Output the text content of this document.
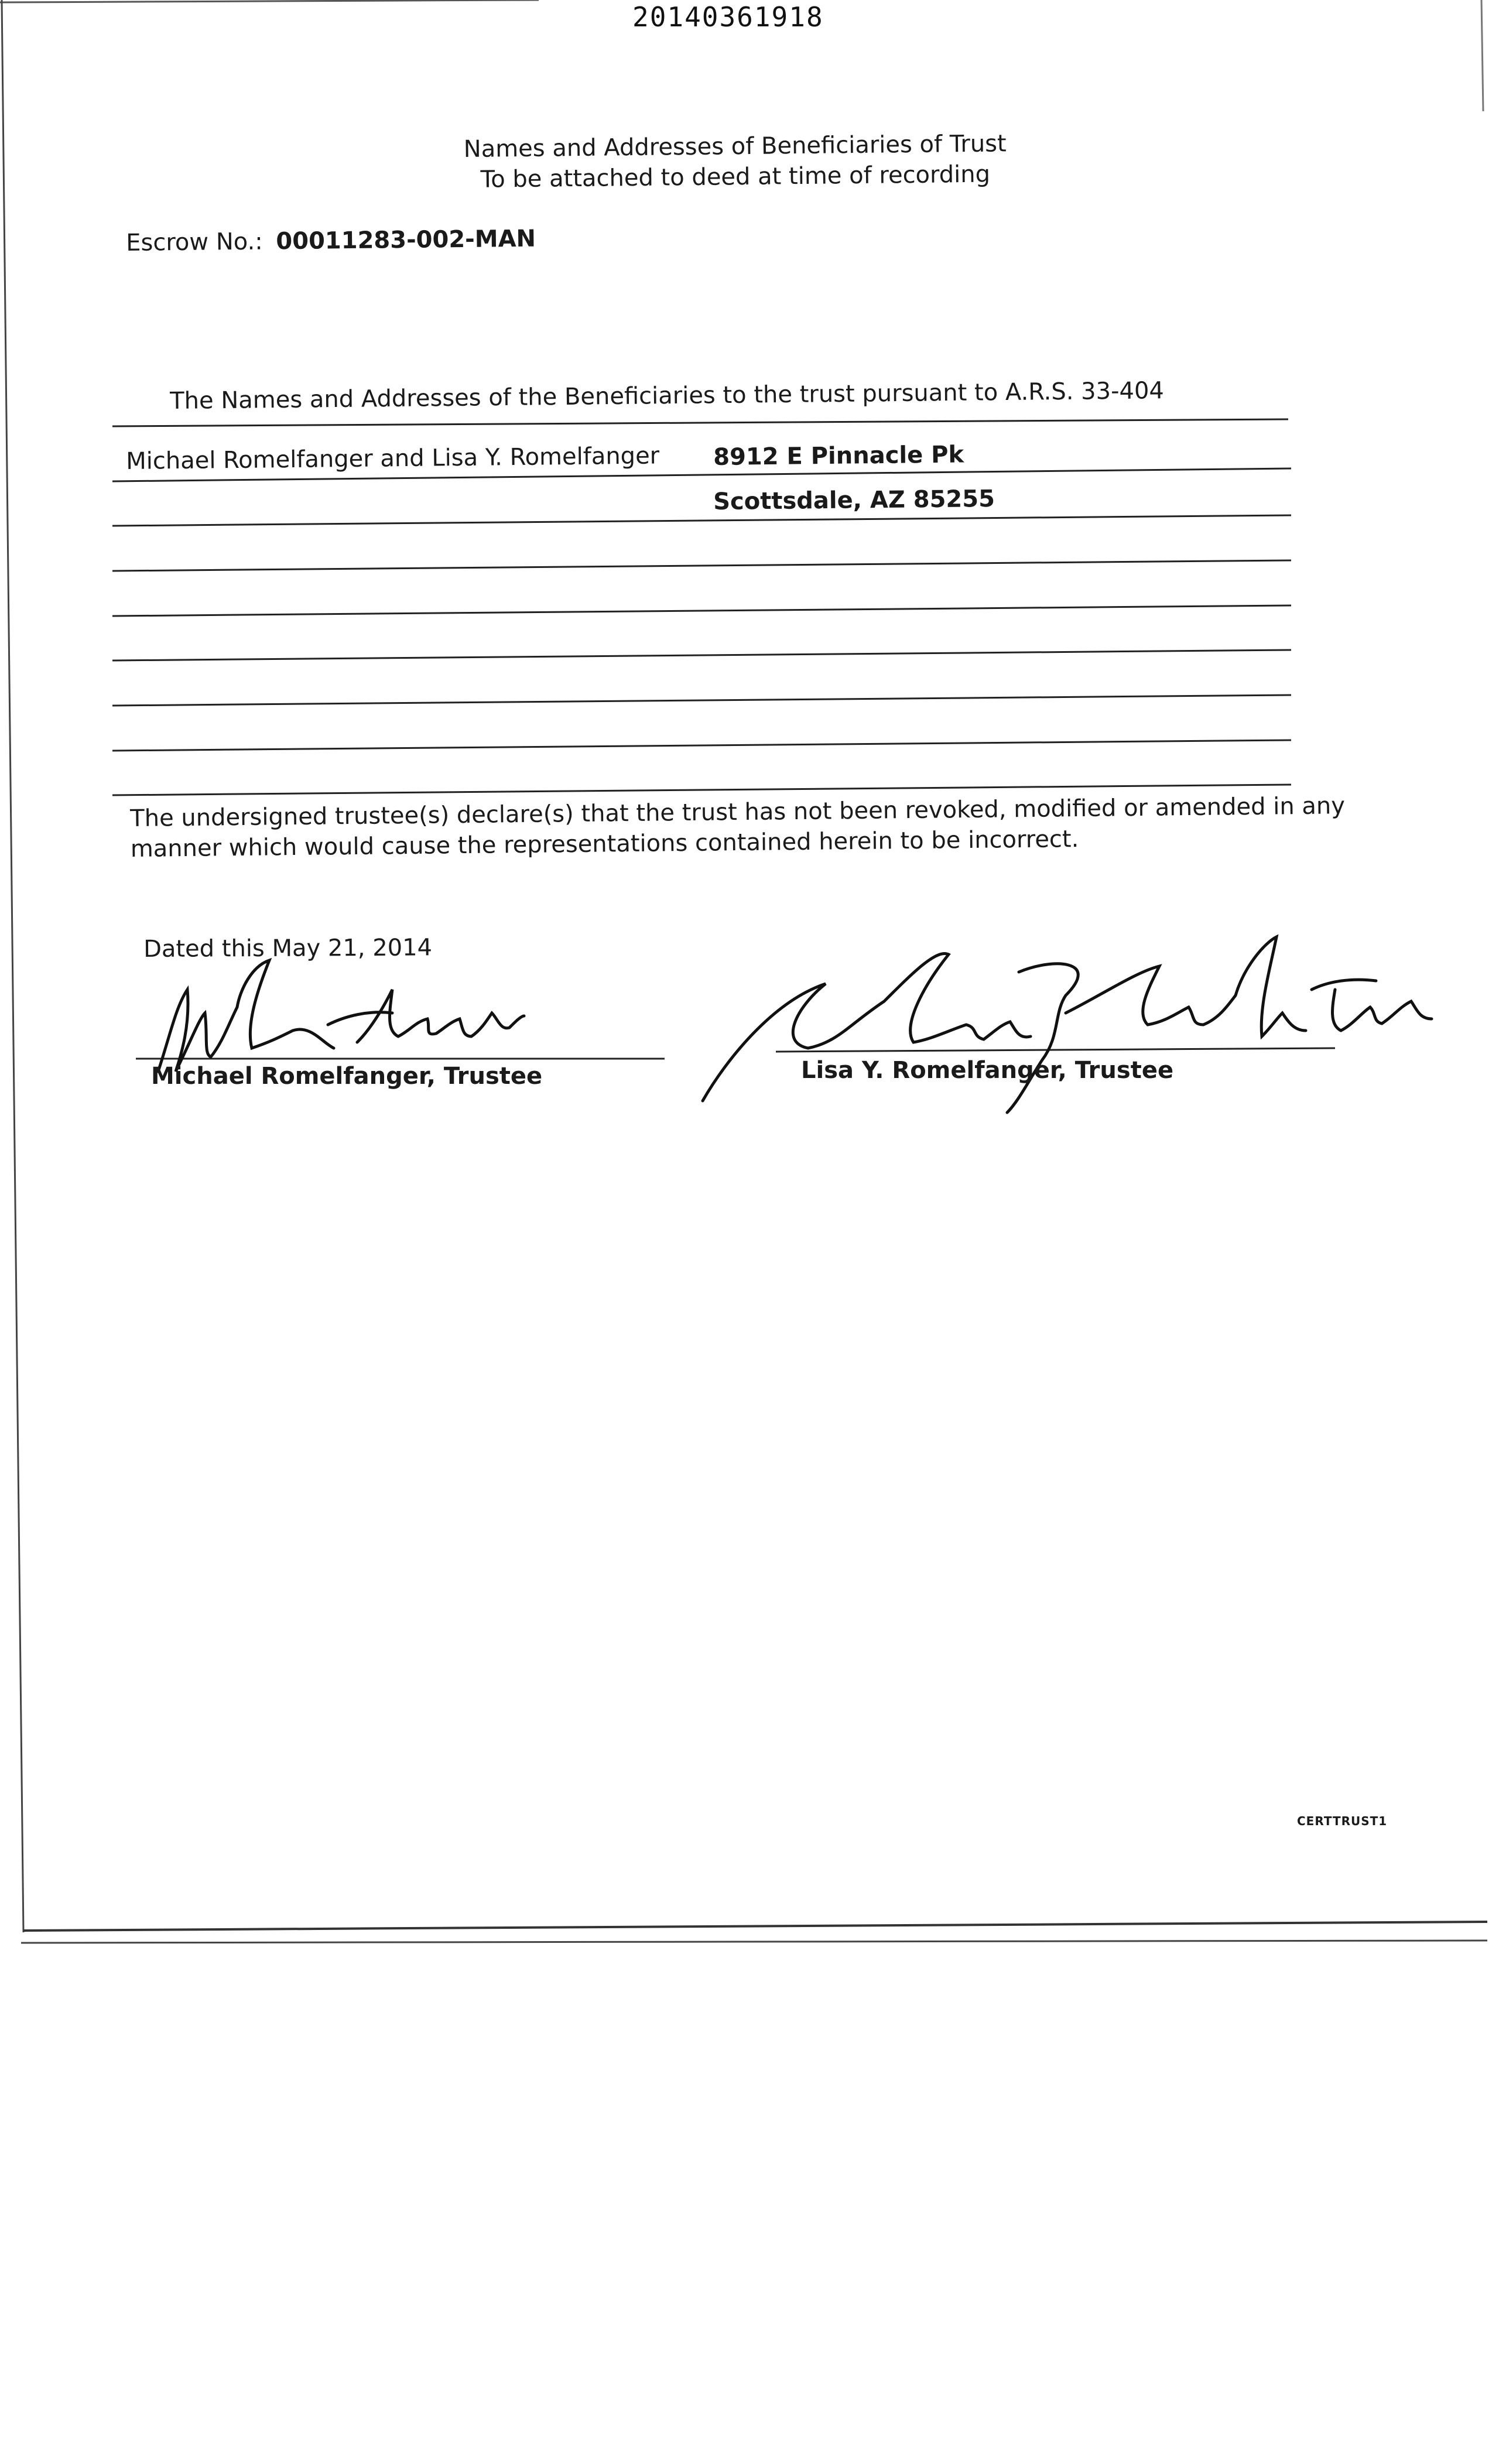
20140361918
Names and Addresses of Beneficiaries of Trust
To be attached to deed at time of recording
Escrow No.: 00011283-002-MAN
The Names and Addresses of the Beneficiaries to the trust pursuant to A.R.S. 33-404
Michael Romelfanger and Lisa Y. Romelfanger 8912 E Pinnacle Pk
Scottsdale, AZ 85255
The undersigned trustee(s) declare(s) that the trust has not been revoked, modified or amended in any manner which would cause the representations contained herein to be incorrect.
Dated this May 21, 2014
Michael Romelfanger, Trustee	Lisa Y. Romelfanger, Trustee
CERTTRUST1
